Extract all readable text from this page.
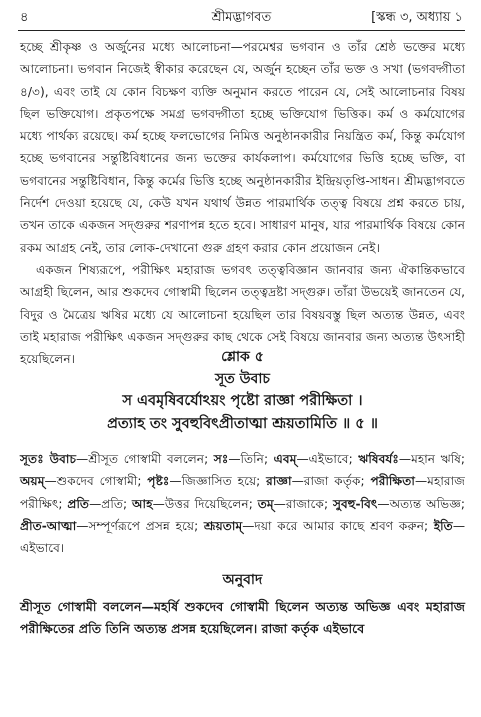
৪	শ্রীমদ্ভাগবত	[স্কন্ধ ৩, অধ্যায় ১

হচ্ছে শ্রীকৃষ্ণ ও অর্জুনের মধ্যে আলোচনা—পরমেশ্বর ভগবান ও তাঁর শ্রেষ্ঠ ভক্তের মধ্যে আলোচনা। ভগবান নিজেই স্বীকার করেছেন যে, অর্জুন হচ্ছেন তাঁর ভক্ত ও সখা (ভগবদ্গীতা ৪/৩), এবং তাই যে কোন বিচক্ষণ ব্যক্তি অনুমান করতে পারেন যে, সেই আলোচনার বিষয় ছিল ভক্তিযোগ। প্রকৃতপক্ষে সমগ্র ভগবদ্গীতা হচ্ছে ভক্তিযোগ ভিত্তিক। কর্ম ও কর্মযোগের মধ্যে পার্থক্য রয়েছে। কর্ম হচ্ছে ফলভোগের নিমিত্ত অনুষ্ঠানকারীর নিয়ন্ত্রিত কর্ম, কিন্তু কর্মযোগ হচ্ছে ভগবানের সন্তুষ্টিবিধানের জন্য ভক্তের কার্যকলাপ। কর্মযোগের ভিত্তি হচ্ছে ভক্তি, বা ভগবানের সন্তুষ্টিবিধান, কিন্তু কর্মের ভিত্তি হচ্ছে অনুষ্ঠানকারীর ইন্দ্রিয়তৃপ্তি-সাধন। শ্রীমদ্ভাগবতে নির্দেশ দেওয়া হয়েছে যে, কেউ যখন যথার্থ উন্নত পারমার্থিক তত্ত্ব বিষয়ে প্রশ্ন করতে চায়, তখন তাকে একজন সদ্গুরুর শরণাপন্ন হতে হবে। সাধারণ মানুষ, যার পারমার্থিক বিষয়ে কোন রকম আগ্রহ নেই, তার লোক-দেখানো গুরু গ্রহণ করার কোন প্রয়োজন নেই।

একজন শিষ্যরূপে, পরীক্ষিৎ মহারাজ ভগবৎ তত্ত্ববিজ্ঞান জানবার জন্য ঐকান্তিকভাবে আগ্রহী ছিলেন, আর শুকদেব গোস্বামী ছিলেন তত্ত্বদ্রষ্টা সদ্গুরু। তাঁরা উভয়েই জানতেন যে, বিদুর ও মৈত্রেয় ঋষির মধ্যে যে আলোচনা হয়েছিল তার বিষয়বস্তু ছিল অত্যন্ত উন্নত, এবং তাই মহারাজ পরীক্ষিৎ একজন সদ্গুরুর কাছ থেকে সেই বিষয়ে জানবার জন্য অত্যন্ত উৎসাহী হয়েছিলেন।	শ্লোক ৫
সূত উবাচ
স এবমৃষিবর্যোঽয়ং পৃষ্টো রাজ্ঞা পরীক্ষিতা ।
প্রত্যাহ তং সুবহুবিৎপ্রীতাত্মা শ্রূয়তামিতি ॥ ৫ ॥
সূতঃ উবাচ—শ্রীসূত গোস্বামী বললেন; সঃ—তিনি; এবম্—এইভাবে; ঋষিবর্যঃ—মহান ঋষি; অয়ম্—শুকদেব গোস্বামী; পৃষ্টঃ—জিজ্ঞাসিত হয়ে; রাজ্ঞা—রাজা কর্তৃক; পরীক্ষিতা—মহারাজ পরীক্ষিৎ; প্রতি—প্রতি; আহ—উত্তর দিয়েছিলেন; তম্—রাজাকে; সুবহু-বিৎ—অত্যন্ত অভিজ্ঞ; প্রীত-আত্মা—সম্পূর্ণরূপে প্রসন্ন হয়ে; শ্রূয়তাম্—দয়া করে আমার কাছে শ্রবণ করুন; ইতি—এইভাবে।
অনুবাদ
শ্রীসূত গোস্বামী বললেন—মহর্ষি শুকদেব গোস্বামী ছিলেন অত্যন্ত অভিজ্ঞ এবং মহারাজ পরীক্ষিতের প্রতি তিনি অত্যন্ত প্রসন্ন হয়েছিলেন। রাজা কর্তৃক এইভাবে
